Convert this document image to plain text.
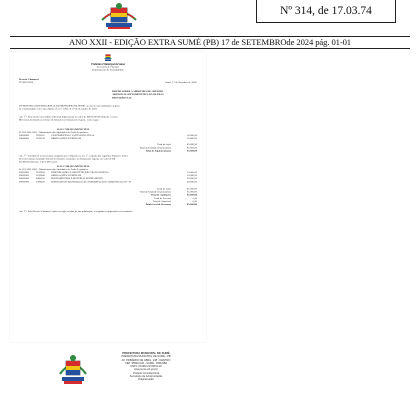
Nº 314, de 17.03.74
ANO XXII - EDIÇÃO EXTRA SUMÉ (PB) 17 de SETEMBROde 2024 pág. 01-01
Prefeitura Municipal de Sumé
Secretaria de Finanças
Departamento de Contabilidade
Decreto Chamavel
Nº 0007/2024	Sumé, 17 de Setembro de 2024.
DISPÕE SOBRE A ABERTURA DE CRÉDITO
ADICIONAL SUPLEMENTAR E DÁ OUTRAS
PROVIDÊNCIAS.
O PREFEITO CONSTITUCIONAL DO MUNICÍPIO DE SUMÉ, no uso de suas atribuições legais e
de conformidade com o que dispõe a Lei nº 1293, de 27 de dezembro de 2023.
Art. 1º - Fica aberto um Crédito Adicional Suplementar no valor de R$ 85.000,00 (Oitenta e Cinco
Mil reais), destinado ao reforço de dotações no Orçamento vigente, como segue:
01.01 CÂMARA MUNICIPAL
01.031.1001.2001 - Manutenção das Atividades do Poder Legislativo
00000000	3190110	VENCIMENTOS E VANTAGENS FIXAS	50.000,00
00000000	3190130	OBRIGAÇÕES PATRONAIS	35.000,00
Total da Ação	85.000,00
Total da Unidade Orçamentária	85.000,00
Total de Suplementação	85.000,00
Art. 2º - Constituem recursos para cumprimento o disposto no Art. 1º, redução das seguintes dotações: Poder
Decreto Câmara Anulação Parcial de dotações constantes no Orçamento vigente, no valor de R$
85.000,00 (Oitenta e Cinco Mil reais).
01.01 CÂMARA MUNICIPAL
01.031.1001.2001 - Manutenção das Atividades do Poder Legislativo
00000000	3190920	INDENIZAÇÕES E RESTITUIÇÕES TRABALHISTAS	15.000,00
00000000	3190940	OBRIGAÇÕES PATRONAIS	10.000,00
00000000	4490520	EQUIPAMENTOS E MATERIAL PERMANENTE	20.000,00
00000000	3390400	SERVIÇOS DE TECNOLOGIA DA INFORMAÇÃO E COMUNICAÇÃO - PJ	40.000,00
Total da Ação	85.000,00
Total da Unidade Orçamentária	85.000,00
Total de Anulações	85.000,00
Total de Excesso	0,00
Total de Superávit	0,00
Total Geral de Recursos	85.000,00
Art. 3º - Este Decreto Chamavel entra em vigor na data de sua publicação, revogadas as disposições em contrário.
PREFEITURA MUNICIPAL DE SUMÉ
PREFEITURA MUNICIPAL DE SUMÉ - PB
AV. PRIMEIRO DE ABRIL, 138 - CENTRO
CEP: 58540-000 - SUMÉ - PARAÍBA
CNPJ: 09.084.217/0001-20
www.sume.pb.gov.br
Prefeito Constitucional
Secretário de Administração
Diagramação
